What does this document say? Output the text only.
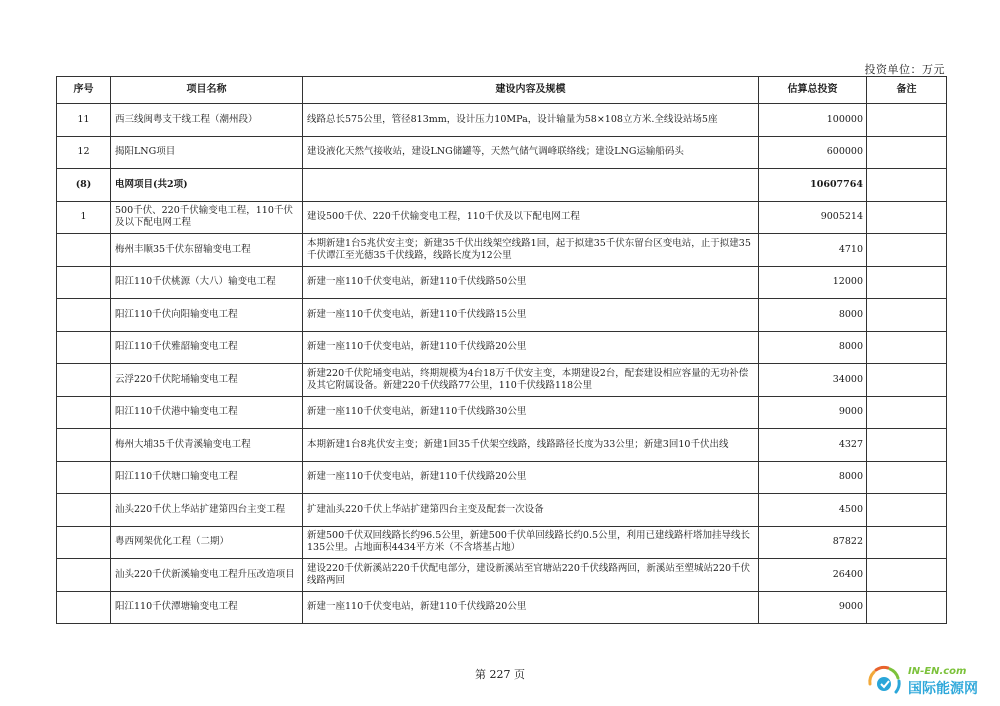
投资单位：万元
序号	项目名称	建设内容及规模	估算总投资	备注
11	西三线闽粤支干线工程（潮州段）	线路总长575公里，管径813mm，设计压力10MPa，设计输量为58×108立方米.全线设站场5座	100000	
12	揭阳LNG项目	建设液化天然气接收站，建设LNG储罐等，天然气储气调峰联络线；建设LNG运输船码头	600000	
(8)	电网项目(共2项)		10607764	
1	500千伏、220千伏输变电工程，110千伏及以下配电网工程	建设500千伏、220千伏输变电工程，110千伏及以下配电网工程	9005214	
	梅州丰顺35千伏东留输变电工程	本期新建1台5兆伏安主变；新建35千伏出线架空线路1回，起于拟建35千伏东留台区变电站，止于拟建35千伏谭江至光德35千伏线路，线路长度为12公里	4710	
	阳江110千伏桃源（大八）输变电工程	新建一座110千伏变电站，新建110千伏线路50公里	12000	
	阳江110千伏向阳输变电工程	新建一座110千伏变电站，新建110千伏线路15公里	8000	
	阳江110千伏雅韶输变电工程	新建一座110千伏变电站，新建110千伏线路20公里	8000	
	云浮220千伏陀埇输变电工程	新建220千伏陀埇变电站，终期规模为4台18万千伏安主变，本期建设2台，配套建设相应容量的无功补偿及其它附属设备。新建220千伏线路77公里，110千伏线路118公里	34000	
	阳江110千伏港中输变电工程	新建一座110千伏变电站，新建110千伏线路30公里	9000	
	梅州大埔35千伏青溪输变电工程	本期新建1台8兆伏安主变；新建1回35千伏架空线路，线路路径长度为33公里；新建3回10千伏出线	4327	
	阳江110千伏塘口输变电工程	新建一座110千伏变电站，新建110千伏线路20公里	8000	
	汕头220千伏上华站扩建第四台主变工程	扩建汕头220千伏上华站扩建第四台主变及配套一次设备	4500	
	粤西网架优化工程（二期）	新建500千伏双回线路长约96.5公里，新建500千伏单回线路长约0.5公里，利用已建线路杆塔加挂导线长135公里。占地面积4434平方米（不含塔基占地）	87822	
	汕头220千伏新溪输变电工程升压改造项目	建设220千伏新溪站220千伏配电部分，建设新溪站至官塘站220千伏线路两回，新溪站至塑城站220千伏线路两回	26400	
	阳江110千伏潭塘输变电工程	新建一座110千伏变电站，新建110千伏线路20公里	9000	
第 227 页	IN-EN.com
国际能源网
